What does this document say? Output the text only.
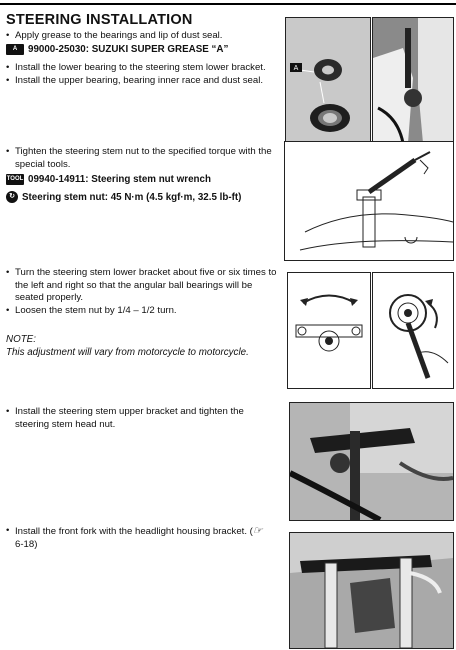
STEERING INSTALLATION
• Apply grease to the bearings and lip of dust seal.
A	99000-25030: SUZUKI SUPER GREASE “A”
• Install the lower bearing to the steering stem lower bracket.
• Install the upper bearing, bearing inner race and dust seal.
• Tighten the steering stem nut to the specified torque with the special tools.
TOOL 09940-14911: Steering stem nut wrench
↻ Steering stem nut: 45 N·m (4.5 kgf·m, 32.5 lb-ft)
• Turn the steering stem lower bracket about five or six times to the left and right so that the angular ball bearings will be seated properly.
• Loosen the stem nut by 1/4 – 1/2 turn.
NOTE:
This adjustment will vary from motorcycle to motorcycle.
• Install the steering stem upper bracket and tighten the steering stem head nut.
• Install the front fork with the headlight housing bracket. (☞
6-18)
A
